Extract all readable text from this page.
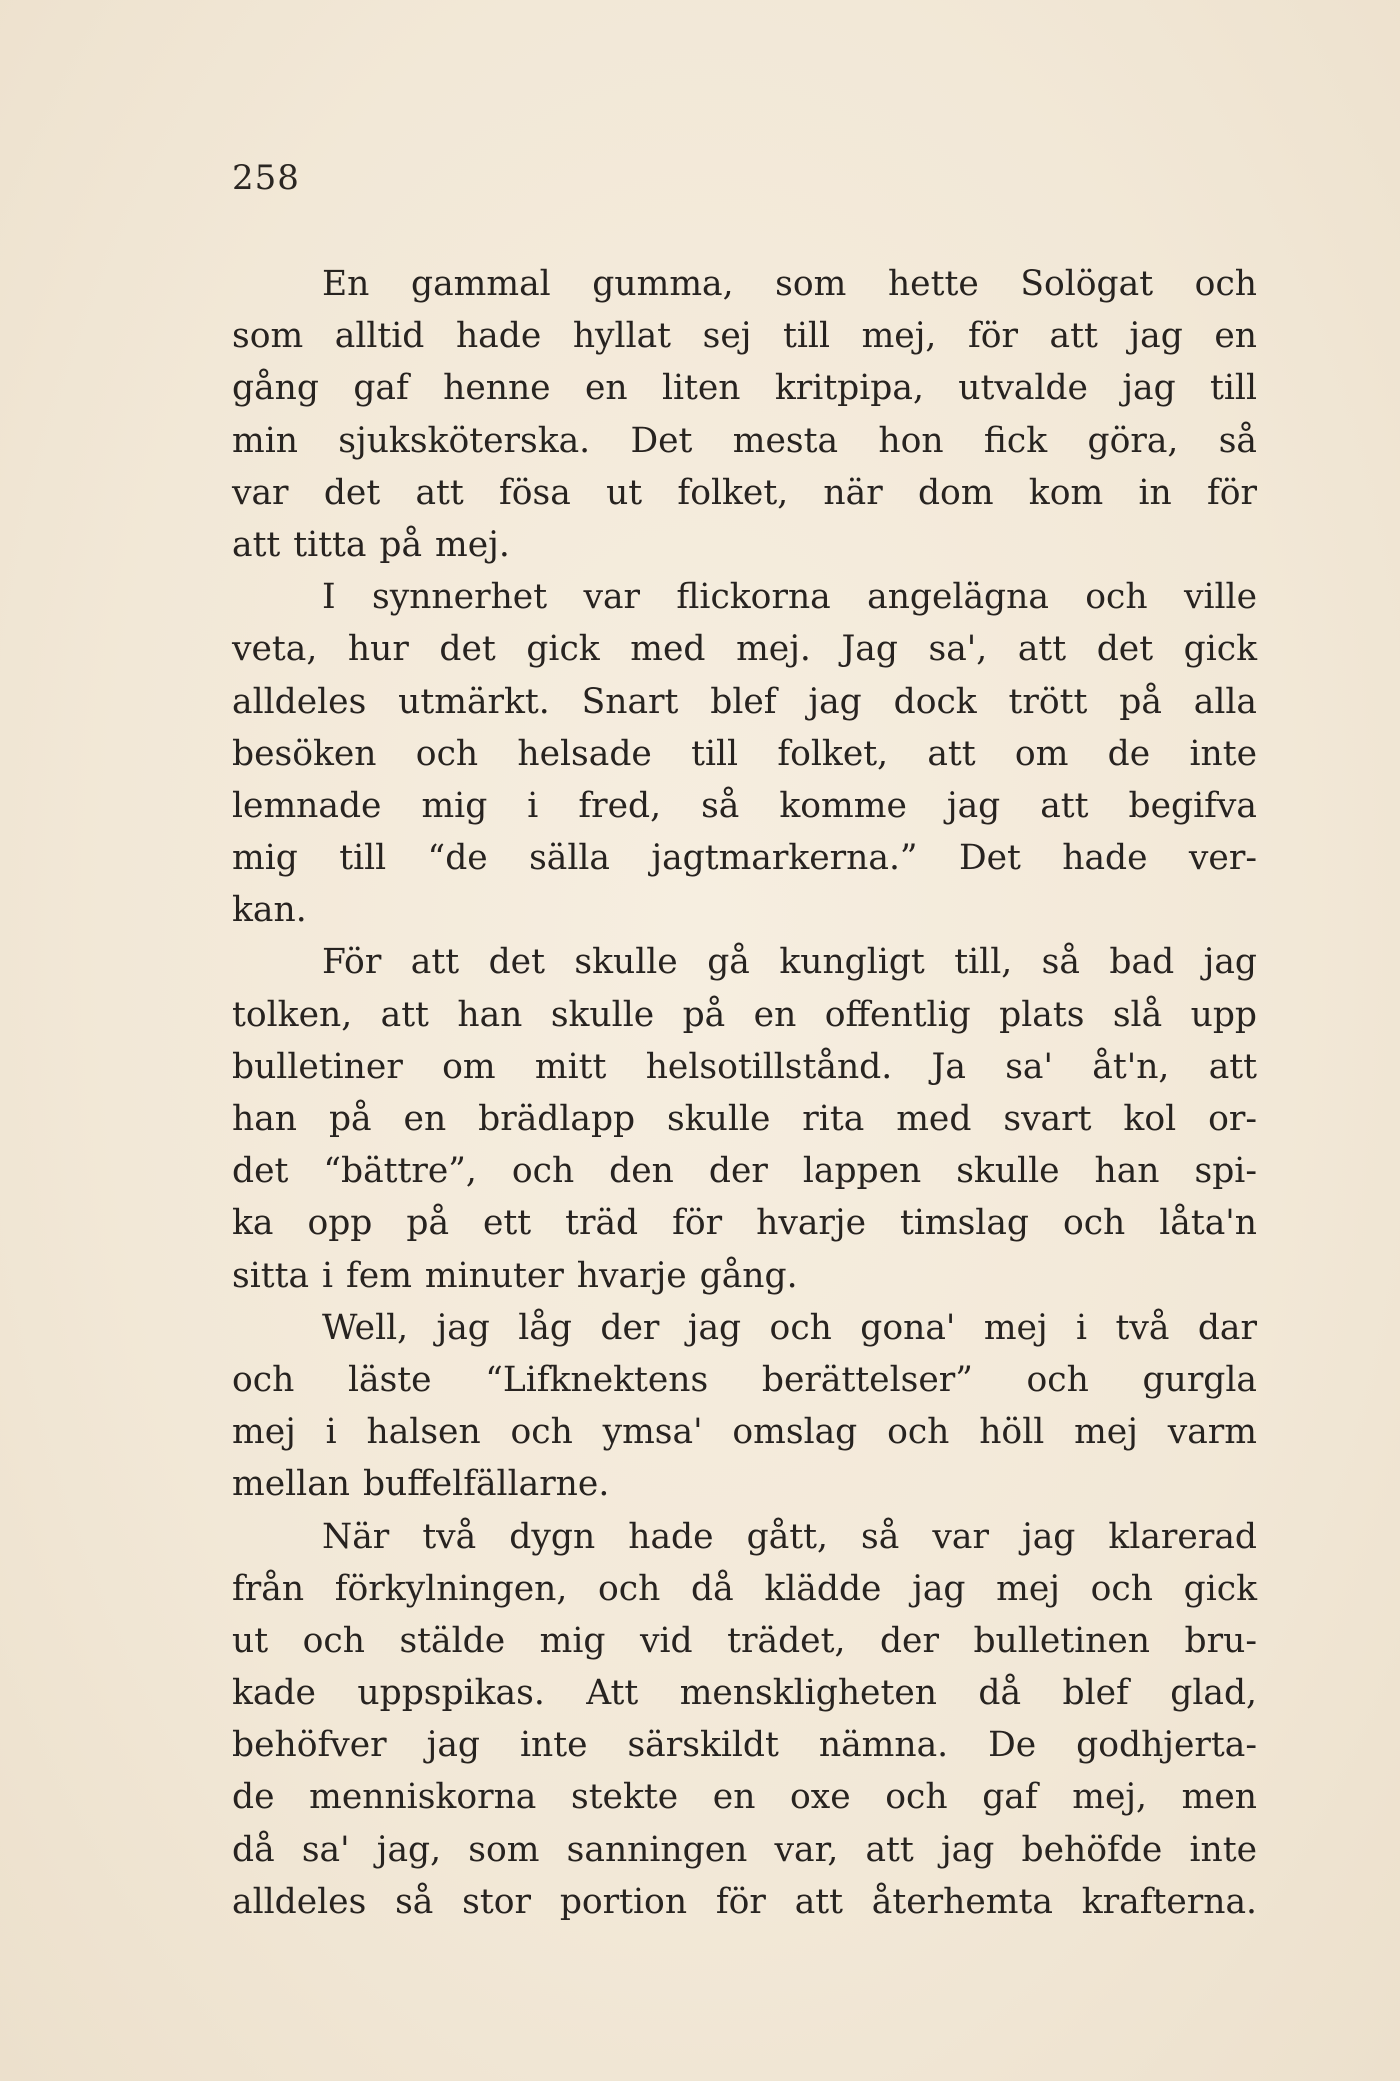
258
En gammal gumma, som hette Solögat och
som alltid hade hyllat sej till mej, för att jag en
gång gaf henne en liten kritpipa, utvalde jag till
min sjuksköterska. Det mesta hon fick göra, så
var det att fösa ut folket, när dom kom in för
att titta på mej.
I synnerhet var flickorna angelägna och ville
veta, hur det gick med mej. Jag sa', att det gick
alldeles utmärkt. Snart blef jag dock trött på alla
besöken och helsade till folket, att om de inte
lemnade mig i fred, så komme jag att begifva
mig till “de sälla jagtmarkerna.” Det hade ver-
kan.
För att det skulle gå kungligt till, så bad jag
tolken, att han skulle på en offentlig plats slå upp
bulletiner om mitt helsotillstånd. Ja sa' åt'n, att
han på en brädlapp skulle rita med svart kol or-
det “bättre”, och den der lappen skulle han spi-
ka opp på ett träd för hvarje timslag och låta'n
sitta i fem minuter hvarje gång.
Well, jag låg der jag och gona' mej i två dar
och läste “Lifknektens berättelser” och gurgla
mej i halsen och ymsa' omslag och höll mej varm
mellan buffelfällarne.
När två dygn hade gått, så var jag klarerad
från förkylningen, och då klädde jag mej och gick
ut och stälde mig vid trädet, der bulletinen bru-
kade uppspikas. Att menskligheten då blef glad,
behöfver jag inte särskildt nämna. De godhjerta-
de menniskorna stekte en oxe och gaf mej, men
då sa' jag, som sanningen var, att jag behöfde inte
alldeles så stor portion för att återhemta krafterna.
